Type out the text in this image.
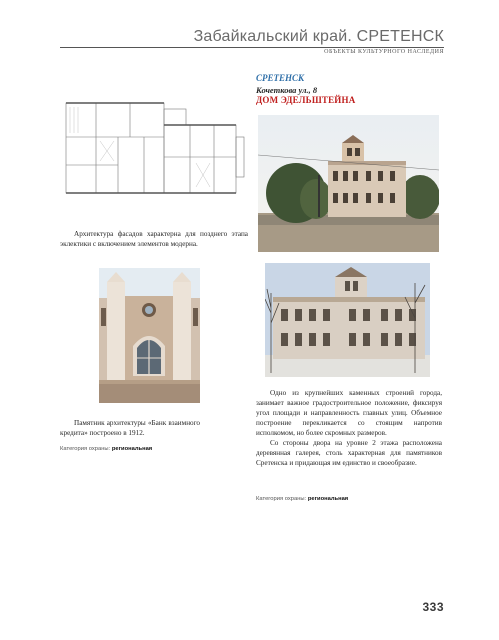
Забайкальский край. СРЕТЕНСК
ОБЪЕКТЫ КУЛЬТУРНОГО НАСЛЕДИЯ
СРЕТЕНСК
Кочеткова ул., 8
ДОМ ЭДЕЛЬШТЕЙНА

Архитектура фасадов характерна для позднего этапа эклектики с включением элементов модерна.

Одно из крупнейших каменных строений города, занимает важное градостроительное положение, фиксируя угол площади и направленность главных улиц. Объемное построение перекликается со стоящим напротив исполкомом, но более скромных размеров.

Со стороны двора на уровне 2 этажа расположена деревянная галерея, столь характерная для памятников Сретенска и придающая им единство и своеобразие.

Памятник архитектуры «Банк взаимного кредита» построено в 1912.

Категория охраны: региональная
Категория охраны: региональная
333
